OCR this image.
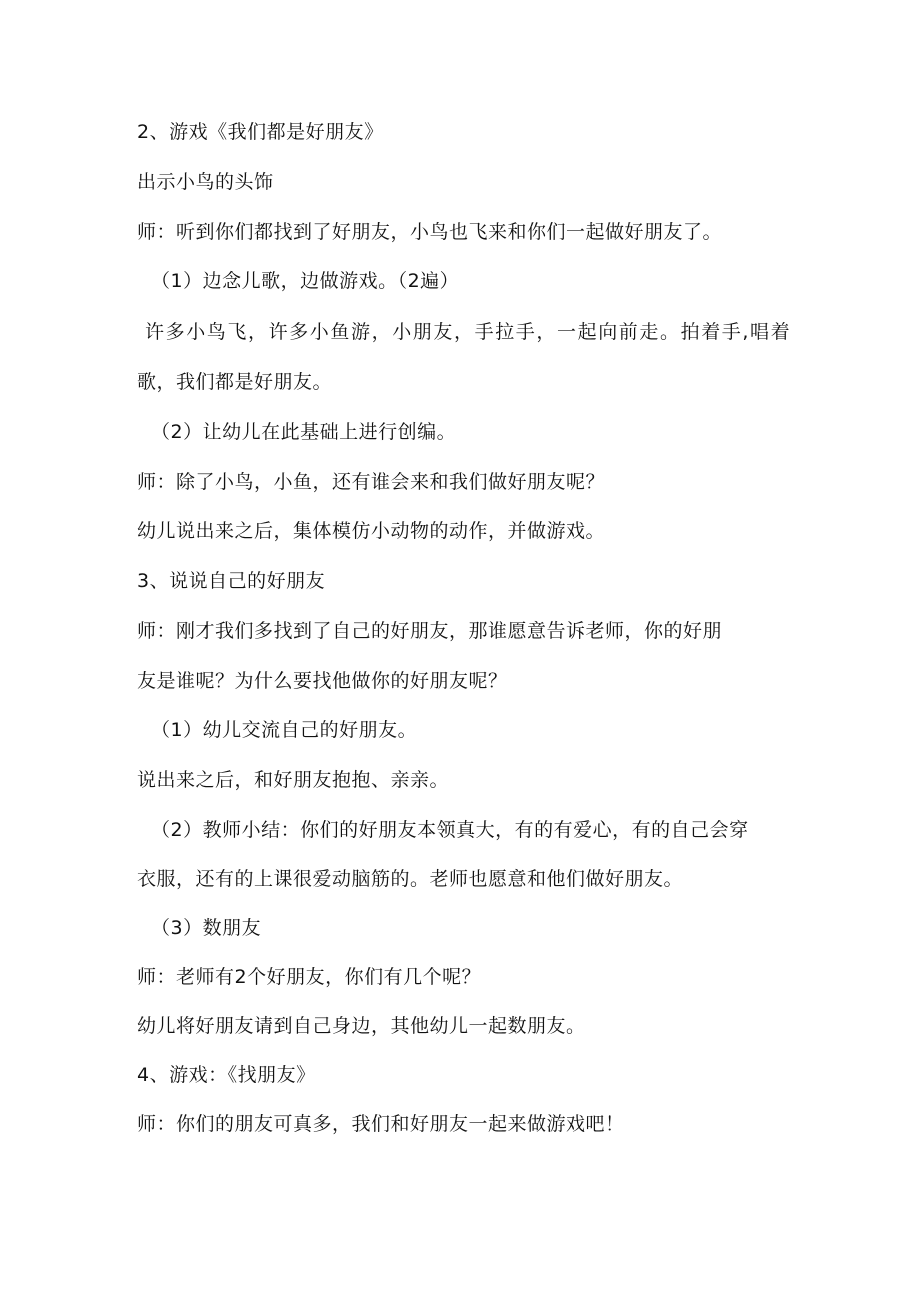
2、游戏《我们都是好朋友》
出示小鸟的头饰
师：听到你们都找到了好朋友，小鸟也飞来和你们一起做好朋友了。
（1）边念儿歌，边做游戏。（2遍）
许多小鸟飞，许多小鱼游，小朋友，手拉手，一起向前走。拍着手,唱着
歌，我们都是好朋友。
（2）让幼儿在此基础上进行创编。
师：除了小鸟，小鱼，还有谁会来和我们做好朋友呢？
幼儿说出来之后，集体模仿小动物的动作，并做游戏。
3、说说自己的好朋友
师：刚才我们多找到了自己的好朋友，那谁愿意告诉老师，你的好朋
友是谁呢？为什么要找他做你的好朋友呢？
（1）幼儿交流自己的好朋友。
说出来之后，和好朋友抱抱、亲亲。
（2）教师小结：你们的好朋友本领真大，有的有爱心，有的自己会穿
衣服，还有的上课很爱动脑筋的。老师也愿意和他们做好朋友。
（3）数朋友
师：老师有2个好朋友，你们有几个呢？
幼儿将好朋友请到自己身边，其他幼儿一起数朋友。
4、游戏：《找朋友》
师：你们的朋友可真多，我们和好朋友一起来做游戏吧！
